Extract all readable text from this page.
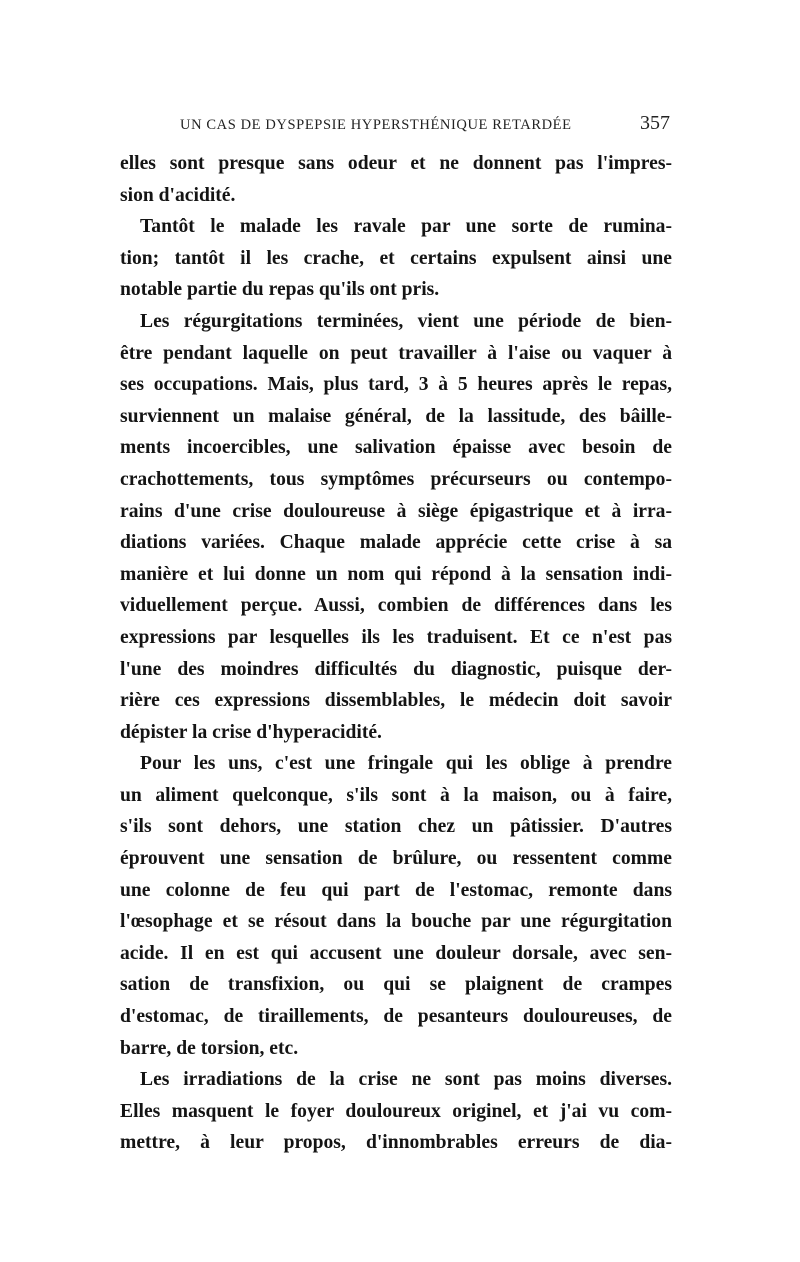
UN CAS DE DYSPEPSIE HYPERSTHÉNIQUE RETARDÉE	357
elles sont presque sans odeur et ne donnent pas l'impres-
sion d'acidité.
Tantôt le malade les ravale par une sorte de rumina-
tion; tantôt il les crache, et certains expulsent ainsi une
notable partie du repas qu'ils ont pris.
Les régurgitations terminées, vient une période de bien-
être pendant laquelle on peut travailler à l'aise ou vaquer à
ses occupations. Mais, plus tard, 3 à 5 heures après le repas,
surviennent un malaise général, de la lassitude, des bâille-
ments incoercibles, une salivation épaisse avec besoin de
crachottements, tous symptômes précurseurs ou contempo-
rains d'une crise douloureuse à siège épigastrique et à irra-
diations variées. Chaque malade apprécie cette crise à sa
manière et lui donne un nom qui répond à la sensation indi-
viduellement perçue. Aussi, combien de différences dans les
expressions par lesquelles ils les traduisent. Et ce n'est pas
l'une des moindres difficultés du diagnostic, puisque der-
rière ces expressions dissemblables, le médecin doit savoir
dépister la crise d'hyperacidité.
Pour les uns, c'est une fringale qui les oblige à prendre
un aliment quelconque, s'ils sont à la maison, ou à faire,
s'ils sont dehors, une station chez un pâtissier. D'autres
éprouvent une sensation de brûlure, ou ressentent comme
une colonne de feu qui part de l'estomac, remonte dans
l'œsophage et se résout dans la bouche par une régurgitation
acide. Il en est qui accusent une douleur dorsale, avec sen-
sation de transfixion, ou qui se plaignent de crampes
d'estomac, de tiraillements, de pesanteurs douloureuses, de
barre, de torsion, etc.
Les irradiations de la crise ne sont pas moins diverses.
Elles masquent le foyer douloureux originel, et j'ai vu com-
mettre, à leur propos, d'innombrables erreurs de dia-
